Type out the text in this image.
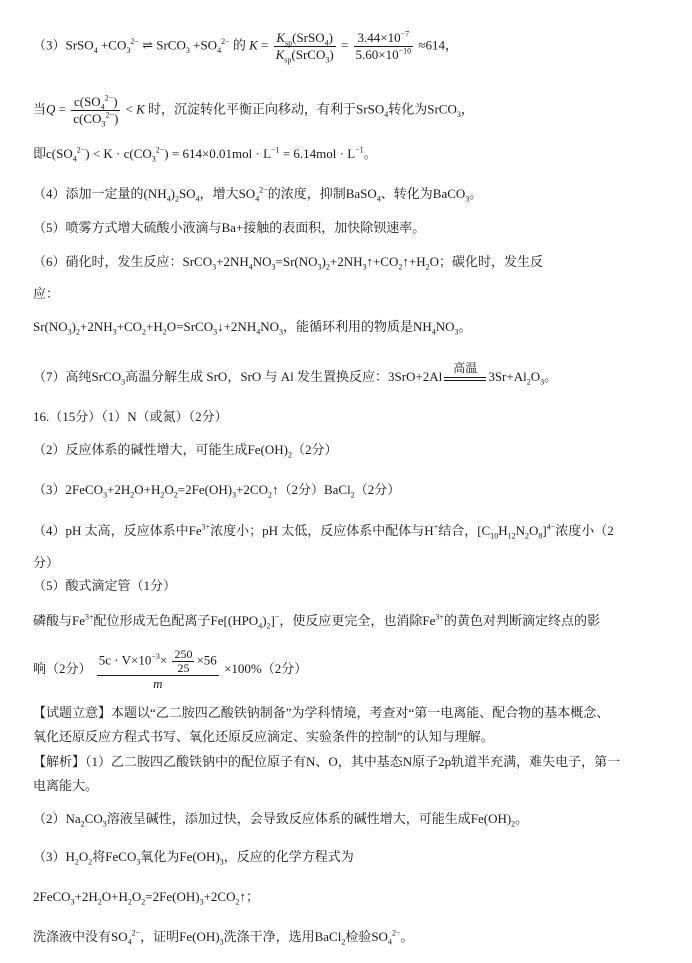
（3）SrSO$_4$ $+CO_3^{2-}$ ⇌ SrCO$_3$ $+SO_4^{2-}$ 的 $K = \frac{K_{sp}(SrSO_4)}{K_{sp}(SrCO_3)} = \frac{3.44\times 10^{-7}}{5.60\times 10^{-10}} \approx 614$，
当$Q = \frac{c(SO_4^{2-})}{c(CO_3^{2-})} < K$ 时，沉淀转化平衡正向移动，有利于SrSO$_4$转化为SrCO$_3$，
即$c(SO_4^{2-}) < K \cdot c(CO_3^{2-}) = 614\times 0.01mol \cdot L^{-1} = 6.14mol \cdot L^{-1}$。
（4）添加一定量的$(NH_4)_2SO_4$，增大$SO_4^{2-}$的浓度，抑制BaSO$_4$、转化为BaCO$_3$。
（5）喷雾方式增大硫酸小液滴与Ba+接触的表面积，加快除钡速率。
（6）硝化时，发生反应：$SrCO_3+2NH_4NO_3=Sr(NO_3)_2+2NH_3↑+CO_2↑+H_2O$；碳化时，发生反
应：
$Sr(NO_3)_2+2NH_3+CO_2+H_2O=SrCO_3↓+2NH_4NO_3$，能循环利用的物质是$NH_4NO_3$。
（7）高纯SrCO$_3$高温分解生成 SrO，SrO 与 Al 发生置换反应：3SrO+2Al
高温
$3Sr+Al_2O_3$。
16.（15分）（1）N（或氮）（2分）
（2）反应体系的碱性增大，可能生成$Fe(OH)_2(2$分）
$(3)2FeCO_3+2H_2O+H_2O_2=2Fe(OH)_3+2CO_2↑(2$分）BaCl$_2$（2分）
（4）pH 太高，反应体系中$Fe^{3+}$浓度小；pH 太低，反应体系中配体与H+结合，$[C_{10}H_{12}N_2O_8]^{4-}$浓度小（2
分）
（5）酸式滴定管（1分）
磷酸与$Fe^{3+}$配位形成无色配离子$Fe[(HPO_4)_2]^-$，使反应更完全，也消除$Fe^{3+}$的黄色对判断滴定终点的影
响（2分） $\frac{5c \cdot V\times 10^{-3}\times \frac{250}{25} \times 56}{m} \times 100\%(2$分）
【试题立意】本题以“乙二胺四乙酸铁钠制备”为学科情境，考查对“第一电离能、配合物的基本概念、
氧化还原反应方程式书写、氧化还原反应滴定、实验条件的控制”的认知与理解。
【解析】（1）乙二胺四乙酸铁钠中的配位原子有N、O，其中基态N原子2p轨道半充满，难失电子，第一
电离能大。
$(2)Na_2CO_3$溶液呈碱性，添加过快，会导致反应体系的碱性增大，可能生成$Fe(OH)_2$。
$(3)H_2O_2$将FeCO$_3$氧化为$Fe(OH)_3$，反应的化学方程式为
$2FeCO_3+2H_2O+H_2O_2=2Fe(OH)_3+2CO_2↑$；
洗涤液中没有$SO_4^{2-}$，证明$Fe(OH)_3$洗涤干净，选用BaCl$_2$检验$SO_4^{2-}$。
